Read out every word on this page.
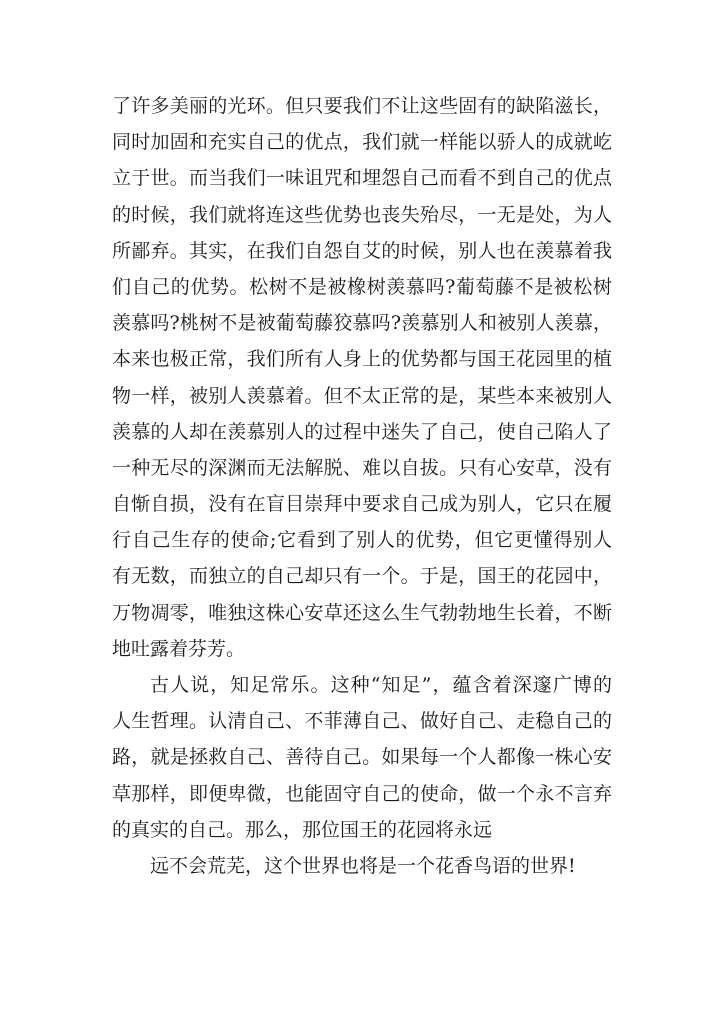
了许多美丽的光环。但只要我们不让这些固有的缺陷滋长，
同时加固和充实自己的优点，我们就一样能以骄人的成就屹
立于世。而当我们一味诅咒和埋怨自己而看不到自己的优点
的时候，我们就将连这些优势也丧失殆尽，一无是处，为人
所鄙弃。其实，在我们自怨自艾的时候，别人也在羡慕着我
们自己的优势。松树不是被橡树羡慕吗?葡萄藤不是被松树
羡慕吗?桃树不是被葡萄藤狡慕吗?羡慕别人和被别人羡慕，
本来也极正常，我们所有人身上的优势都与国王花园里的植
物一样，被别人羡慕着。但不太正常的是，某些本来被别人
羡慕的人却在羡慕别人的过程中迷失了自己，使自己陷人了
一种无尽的深渊而无法解脱、难以自拔。只有心安草，没有
自惭自损，没有在盲目崇拜中要求自己成为别人，它只在履
行自己生存的使命;它看到了别人的优势，但它更懂得别人
有无数，而独立的自己却只有一个。于是，国王的花园中，
万物凋零，唯独这株心安草还这么生气勃勃地生长着，不断
地吐露着芬芳。
古人说，知足常乐。这种“知足”，蕴含着深邃广博的
人生哲理。认清自己、不菲薄自己、做好自己、走稳自己的
路，就是拯救自己、善待自己。如果每一个人都像一株心安
草那样，即便卑微，也能固守自己的使命，做一个永不言弃
的真实的自己。那么，那位国王的花园将永远
远不会荒芜，这个世界也将是一个花香鸟语的世界!
